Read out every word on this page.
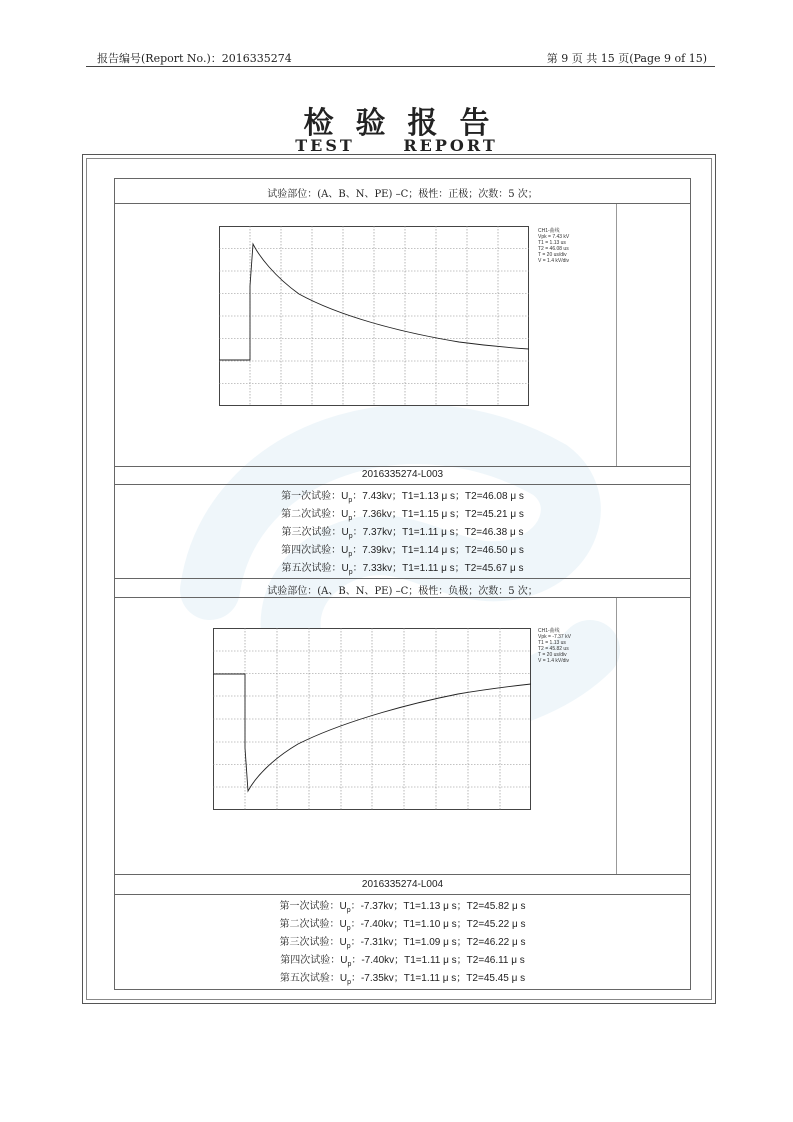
报告编号(Report No.)：2016335274	第 9 页 共 15 页(Page 9 of 15)
检验报告
TEST REPORT
试验部位：(A、B、N、PE) –C；极性：正极；次数：5 次；
CH1-曲线
Vpk = 7.43 kV
T1 = 1.13 us
T2 = 46.08 us
T = 20 us/div
V = 1.4 kV/div
2016335274-L003
第一次试验：$U_p$：7.43kv；T1=1.13 μ s；T2=46.08 μ s
第二次试验：$U_p$：7.36kv；T1=1.15 μ s；T2=45.21 μ s
第三次试验：$U_p$：7.37kv；T1=1.11 μ s；T2=46.38 μ s
第四次试验：$U_p$：7.39kv；T1=1.14 μ s；T2=46.50 μ s
第五次试验：$U_p$：7.33kv；T1=1.11 μ s；T2=45.67 μ s
试验部位：(A、B、N、PE) –C；极性：负极；次数：5 次；
CH1-曲线
Vpk = -7.37 kV
T1 = 1.13 us
T2 = 45.82 us
T = 20 us/div
V = 1.4 kV/div
2016335274-L004
第一次试验：$U_p$：-7.37kv；T1=1.13 μ s；T2=45.82 μ s
第二次试验：$U_p$：-7.40kv；T1=1.10 μ s；T2=45.22 μ s
第三次试验：$U_p$：-7.31kv；T1=1.09 μ s；T2=46.22 μ s
第四次试验：$U_p$：-7.40kv；T1=1.11 μ s；T2=46.11 μ s
第五次试验：$U_p$：-7.35kv；T1=1.11 μ s；T2=45.45 μ s
